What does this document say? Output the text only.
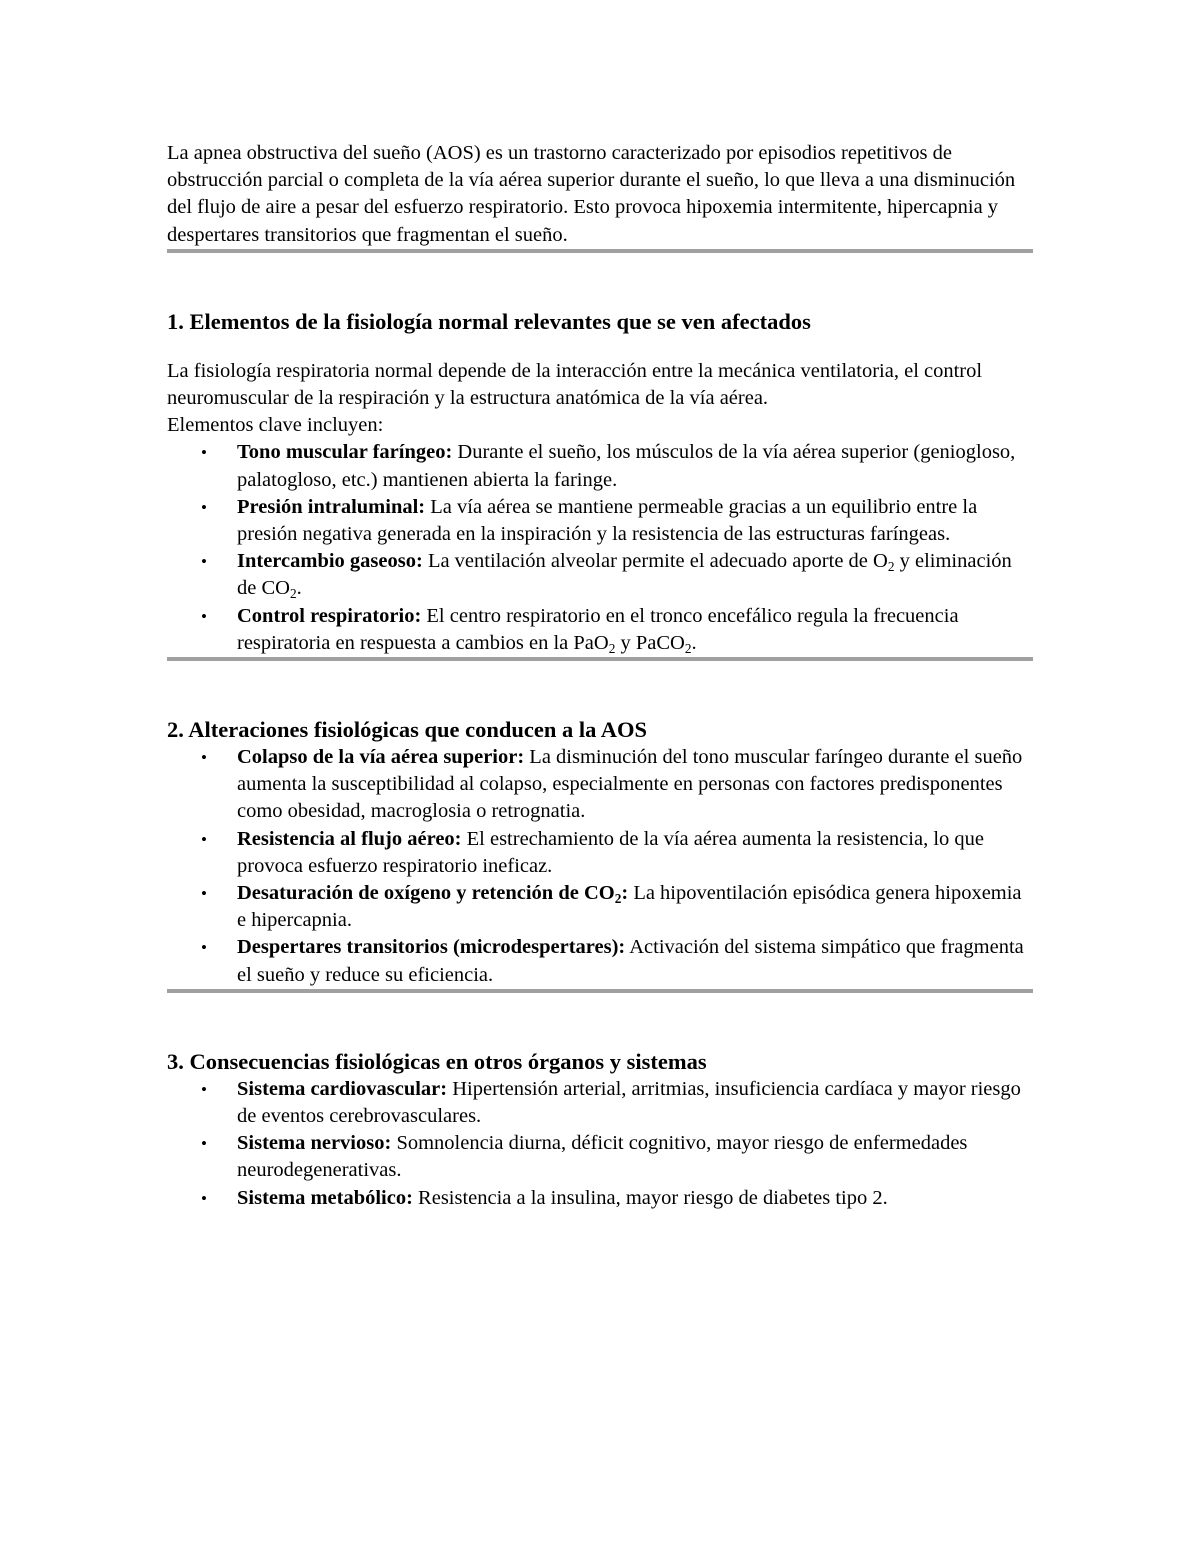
La apnea obstructiva del sueño (AOS) es un trastorno caracterizado por episodios repetitivos de obstrucción parcial o completa de la vía aérea superior durante el sueño, lo que lleva a una disminución del flujo de aire a pesar del esfuerzo respiratorio. Esto provoca hipoxemia intermitente, hipercapnia y despertares transitorios que fragmentan el sueño.

1. Elementos de la fisiología normal relevantes que se ven afectados

La fisiología respiratoria normal depende de la interacción entre la mecánica ventilatoria, el control neuromuscular de la respiración y la estructura anatómica de la vía aérea.
Elementos clave incluyen:

• Tono muscular faríngeo: Durante el sueño, los músculos de la vía aérea superior (geniogloso, palatogloso, etc.) mantienen abierta la faringe.
• Presión intraluminal: La vía aérea se mantiene permeable gracias a un equilibrio entre la presión negativa generada en la inspiración y la resistencia de las estructuras faríngeas.
• Intercambio gaseoso: La ventilación alveolar permite el adecuado aporte de $O_2$ y eliminación de $CO_2$.
• Control respiratorio: El centro respiratorio en el tronco encefálico regula la frecuencia respiratoria en respuesta a cambios en la PaO$_2$ y PaCO$_2$.
2. Alteraciones fisiológicas que conducen a la AOS
• Colapso de la vía aérea superior: La disminución del tono muscular faríngeo durante el sueño aumenta la susceptibilidad al colapso, especialmente en personas con factores predisponentes como obesidad, macroglosia o retrognatia.
• Resistencia al flujo aéreo: El estrechamiento de la vía aérea aumenta la resistencia, lo que provoca esfuerzo respiratorio ineficaz.
• Desaturación de oxígeno y retención de $CO_2$: La hipoventilación episódica genera hipoxemia e hipercapnia.
• Despertares transitorios (microdespertares): Activación del sistema simpático que fragmenta el sueño y reduce su eficiencia.
3. Consecuencias fisiológicas en otros órganos y sistemas
• Sistema cardiovascular: Hipertensión arterial, arritmias, insuficiencia cardíaca y mayor riesgo de eventos cerebrovasculares.
• Sistema nervioso: Somnolencia diurna, déficit cognitivo, mayor riesgo de enfermedades neurodegenerativas.
• Sistema metabólico: Resistencia a la insulina, mayor riesgo de diabetes tipo 2.
